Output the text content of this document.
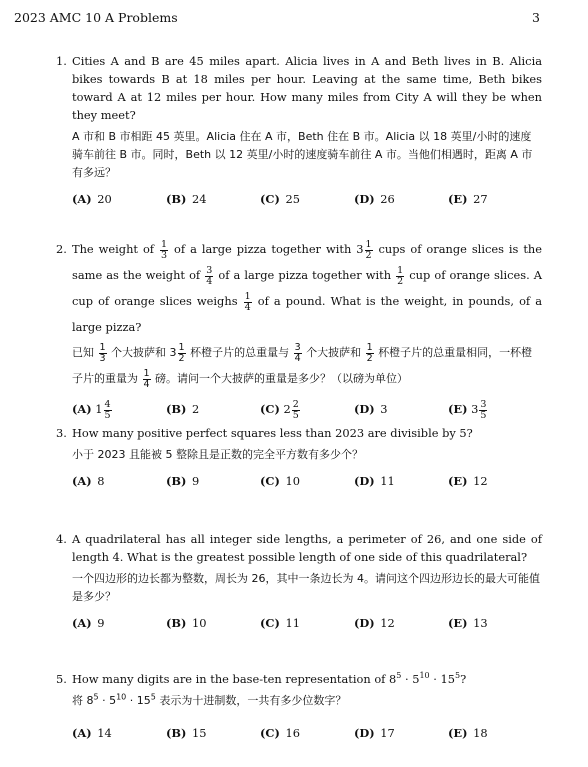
2023 AMC 10 A Problems	3
1. Cities A and B are 45 miles apart. Alicia lives in A and Beth lives in B. Alicia bikes towards B at 18 miles per hour. Leaving at the same time, Beth bikes toward A at 12 miles per hour. How many miles from City A will they be when they meet?
A 市和 B 市相距 45 英里。Alicia 住在 A 市，Beth 住在 B 市。Alicia 以 18 英里/小时的速度骑车前往 B 市。同时，Beth 以 12 英里/小时的速度骑车前往 A 市。当他们相遇时，距离 A 市有多远？
(A) 20	(B) 24	(C) 25	(D) 26	(E) 27
2. The weight of $\frac{1}{3}$ of a large pizza together with $3 \frac{1}{2}$ cups of orange slices is the same as the weight of $\frac{3}{4}$ of a large pizza together with $\frac{1}{2}$ cup of orange slices. A cup of orange slices weighs $\frac{1}{4}$ of a pound. What is the weight, in pounds, of a large pizza?
已知 $\frac{1}{3}$ 个大披萨和 $3 \frac{1}{2}$ 杯橙子片的总重量与 $\frac{3}{4}$ 个大披萨和 $\frac{1}{2}$ 杯橙子片的总重量相同，一杯橙子片的重量为 $\frac{1}{4}$ 磅。请问一个大披萨的重量是多少？（以磅为单位）
(A) $1 \frac{4}{5}$	(B) 2	(C) $2 \frac{2}{5}$	(D) 3	(E) $3 \frac{3}{5}$
3. How many positive perfect squares less than 2023 are divisible by 5?
小于 2023 且能被 5 整除且是正数的完全平方数有多少个？
(A) 8	(B) 9	(C) 10	(D) 11	(E) 12
4. A quadrilateral has all integer side lengths, a perimeter of 26, and one side of length 4. What is the greatest possible length of one side of this quadrilateral?
一个四边形的边长都为整数，周长为 26，其中一条边长为 4。请问这个四边形边长的最大可能值是多少？
(A) 9	(B) 10	(C) 11	(D) 12	(E) 13
5. How many digits are in the base-ten representation of $8^5 \cdot 5^{10} \cdot 15^5$?
将 $8^5 \cdot 5^{10} \cdot 15^5$ 表示为十进制数，一共有多少位数字？
(A) 14	(B) 15	(C) 16	(D) 17	(E) 18
